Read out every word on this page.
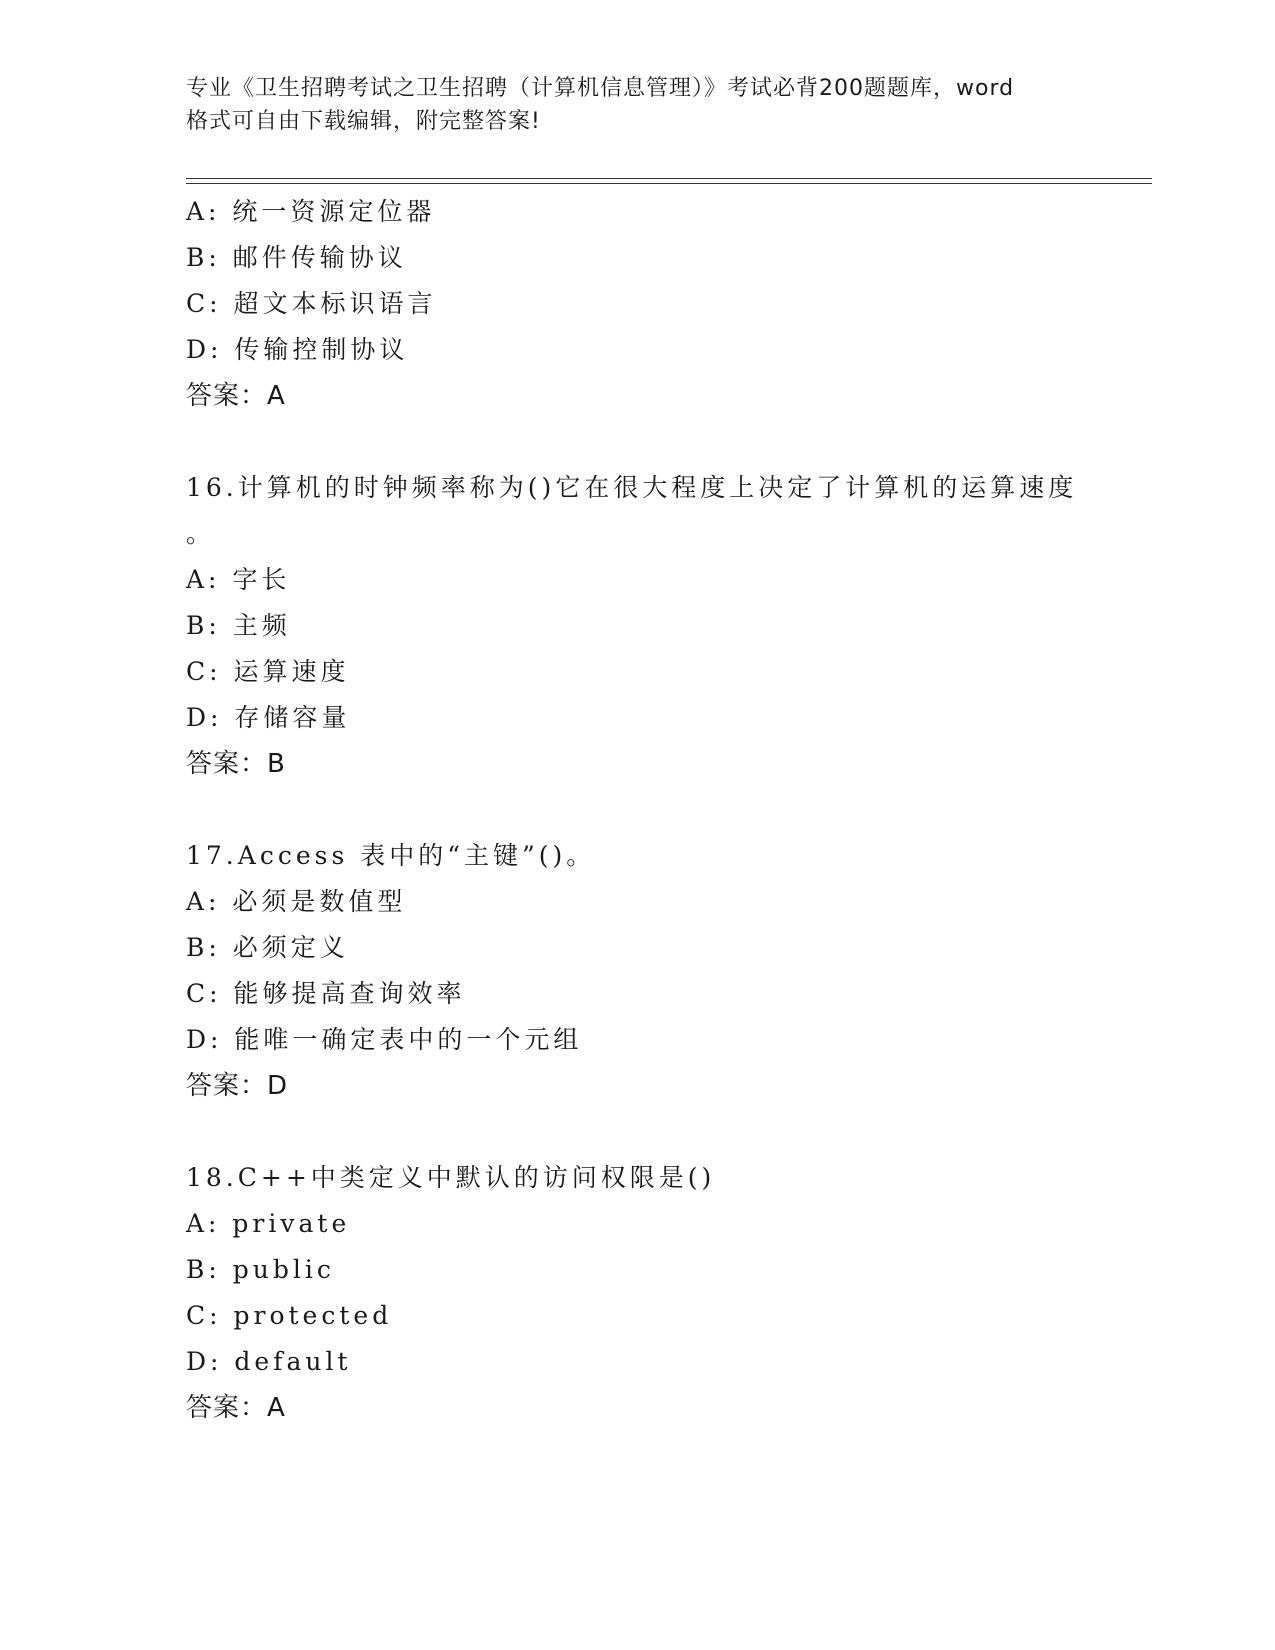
专业《卫生招聘考试之卫生招聘（计算机信息管理）》考试必背200题题库，word
格式可自由下载编辑，附完整答案!
A: 统一资源定位器
B: 邮件传输协议
C: 超文本标识语言
D: 传输控制协议
答案：A
16.计算机的时钟频率称为()它在很大程度上决定了计算机的运算速度
。
A: 字长
B: 主频
C: 运算速度
D: 存储容量
答案：B
17.Access 表中的“主键”()。
A: 必须是数值型
B: 必须定义
C: 能够提高查询效率
D: 能唯一确定表中的一个元组
答案：D
18.C++中类定义中默认的访问权限是()
A: private
B: public
C: protected
D: default
答案：A
